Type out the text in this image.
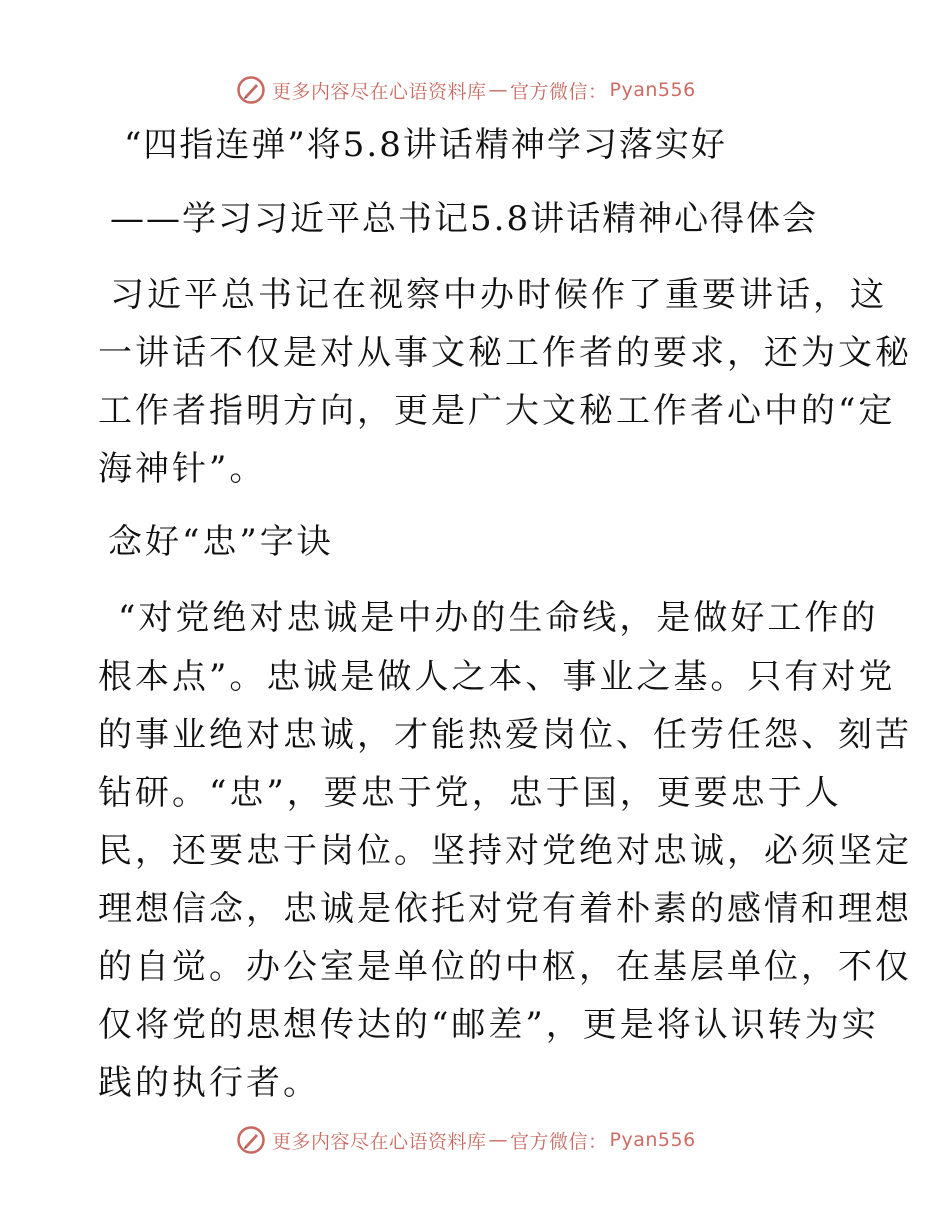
更多内容尽在心语资料库 — 官方微信： Pyan556
“四指连弹”将5.8讲话精神学习落实好
——学习习近平总书记5.8讲话精神心得体会
习近平总书记在视察中办时候作了重要讲话，这
一讲话不仅是对从事文秘工作者的要求，还为文秘
工作者指明方向，更是广大文秘工作者心中的“定
海神针”。
念好“忠”字诀
“对党绝对忠诚是中办的生命线，是做好工作的
根本点”。忠诚是做人之本、事业之基。只有对党
的事业绝对忠诚，才能热爱岗位、任劳任怨、刻苦
钻研。“忠”，要忠于党，忠于国，更要忠于人
民，还要忠于岗位。坚持对党绝对忠诚，必须坚定
理想信念，忠诚是依托对党有着朴素的感情和理想
的自觉。办公室是单位的中枢，在基层单位，不仅
仅将党的思想传达的“邮差”，更是将认识转为实
践的执行者。
更多内容尽在心语资料库 — 官方微信： Pyan556
